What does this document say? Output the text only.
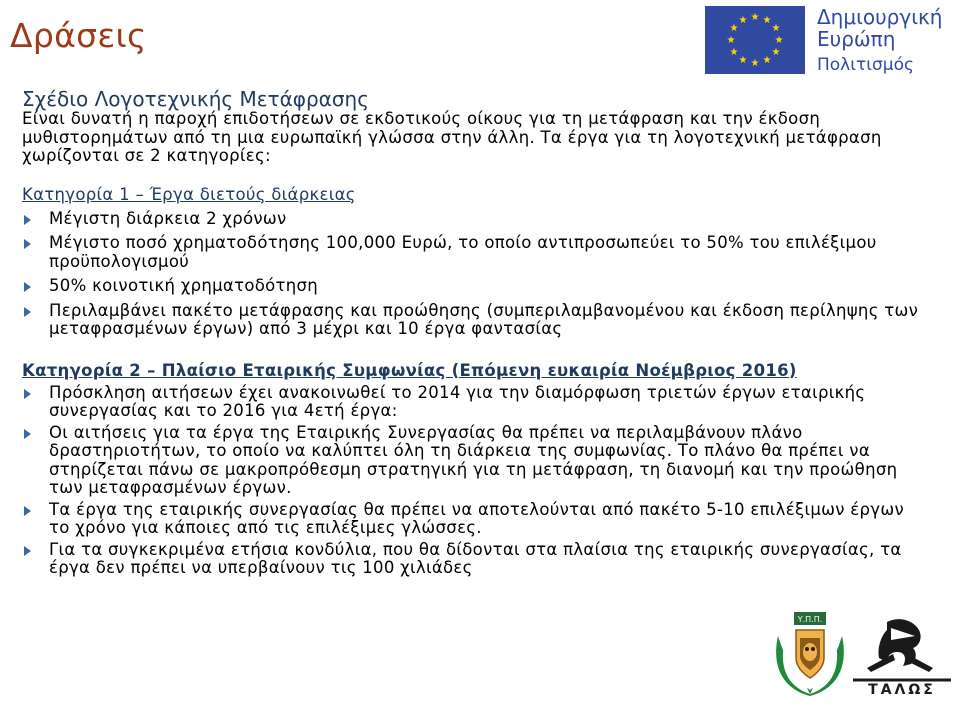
Δράσεις	★ ★
★
★
★
★
★
★
★
★
★
★	Δημιουργική
Ευρώπη
Πολιτισμός
Σχέδιο Λογοτεχνικής Μετάφρασης
Είναι δυνατή η παροχή επιδοτήσεων σε εκδοτικούς οίκους για τη μετάφραση και την έκδοση μυθιστορημάτων από τη μια ευρωπαϊκή γλώσσα στην άλλη. Τα έργα για τη λογοτεχνική μετάφραση χωρίζονται σε 2 κατηγορίες:
Κατηγορία 1 – Έργα διετούς διάρκειας
Μέγιστη διάρκεια 2 χρόνων
Μέγιστο ποσό χρηματοδότησης 100,000 Ευρώ, το οποίο αντιπροσωπεύει το 50% του επιλέξιμου προϋπολογισμού
50% κοινοτική χρηματοδότηση
Περιλαμβάνει πακέτο μετάφρασης και προώθησης (συμπεριλαμβανομένου και έκδοση περίληψης των μεταφρασμένων έργων) από 3 μέχρι και 10 έργα φαντασίας
Κατηγορία 2 – Πλαίσιο Εταιρικής Συμφωνίας (Επόμενη ευκαιρία Νοέμβριος 2016)
Πρόσκληση αιτήσεων έχει ανακοινωθεί το 2014 για την διαμόρφωση τριετών έργων εταιρικής συνεργασίας και το 2016 για 4ετή έργα:
Οι αιτήσεις για τα έργα της Εταιρικής Συνεργασίας θα πρέπει να περιλαμβάνουν πλάνο δραστηριοτήτων, το οποίο να καλύπτει όλη τη διάρκεια της συμφωνίας. Το πλάνο θα πρέπει να στηρίζεται πάνω σε μακροπρόθεσμη στρατηγική για τη μετάφραση, τη διανομή και την προώθηση των μεταφρασμένων έργων.
Τα έργα της εταιρικής συνεργασίας θα πρέπει να αποτελούνται από πακέτο 5-10 επιλέξιμων έργων το χρόνο για κάποιες από τις επιλέξιμες γλώσσες.
Για τα συγκεκριμένα ετήσια κονδύλια, που θα δίδονται στα πλαίσια της εταιρικής συνεργασίας, τα έργα δεν πρέπει να υπερβαίνουν τις 100 χιλιάδες
Υ.Π.Π.
ΤΑΛΩΣ
